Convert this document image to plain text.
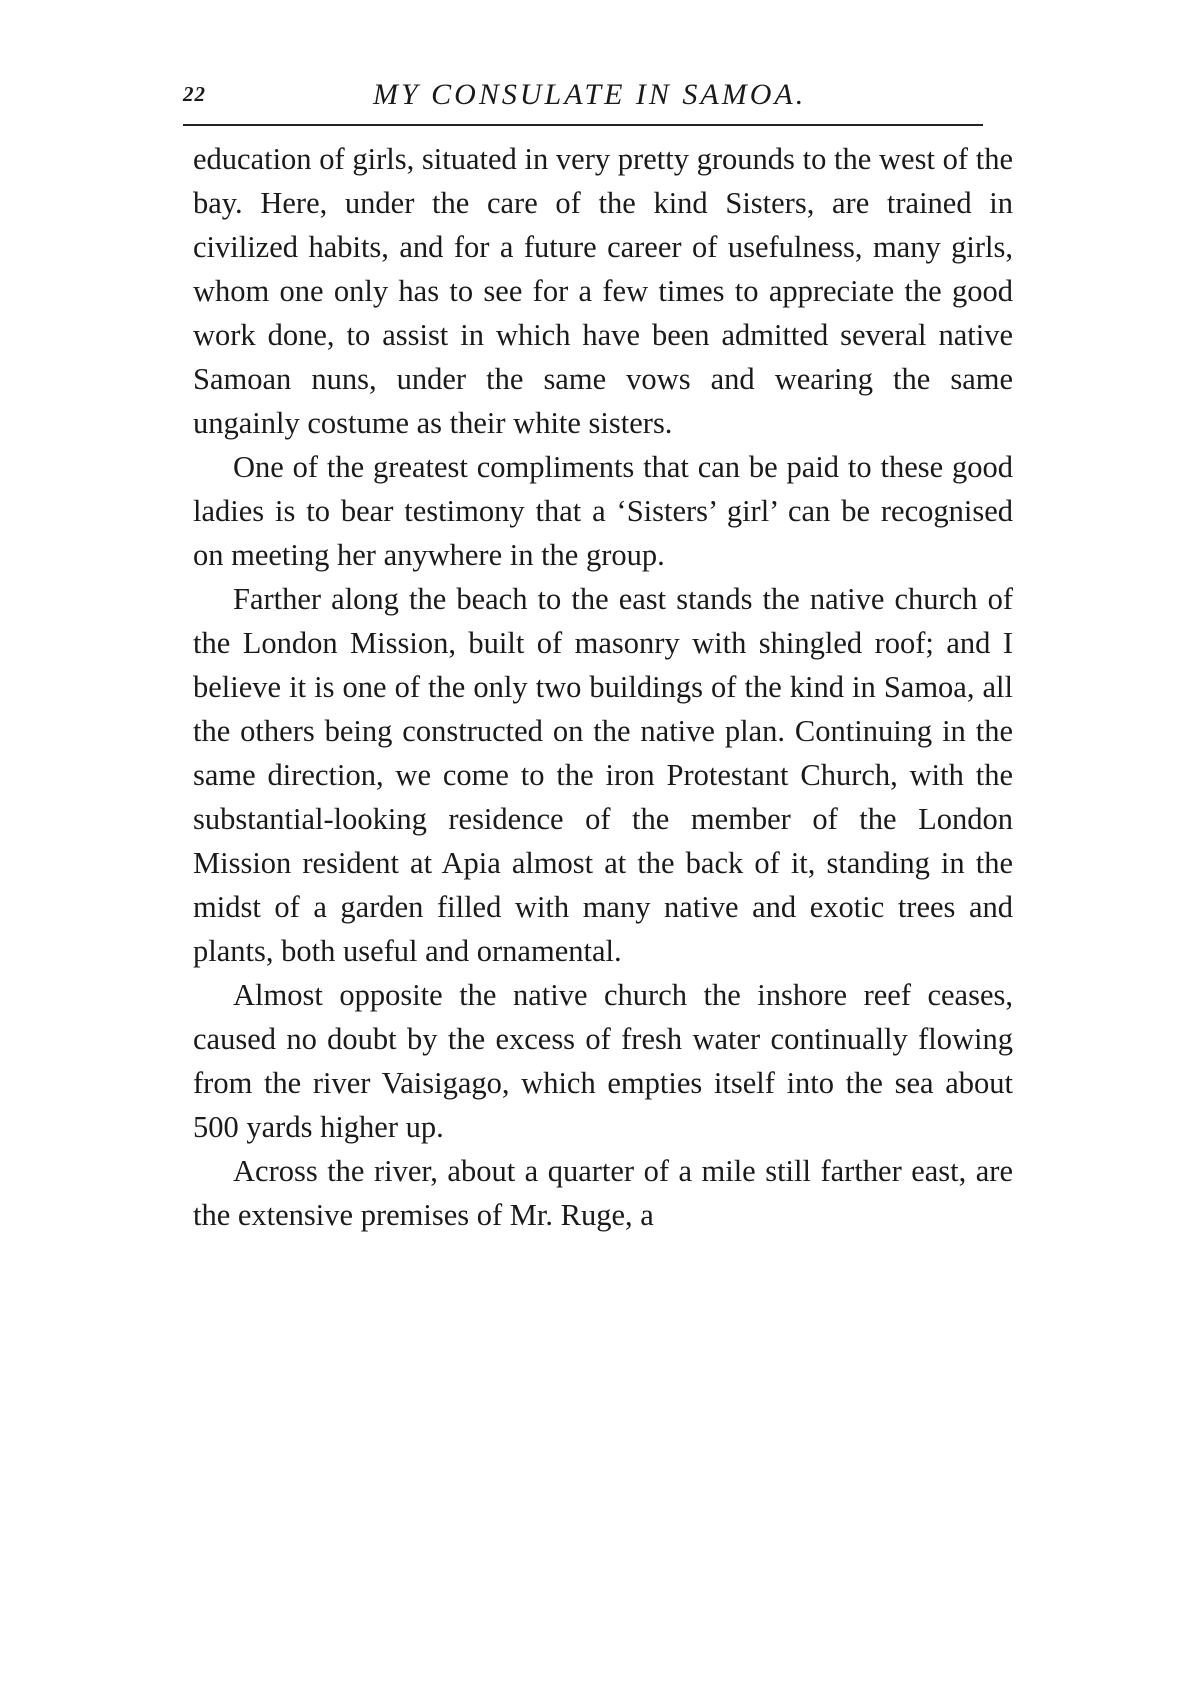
22	MY CONSULATE IN SAMOA.

education of girls, situated in very pretty grounds to the west of the bay. Here, under the care of the kind Sisters, are trained in civilized habits, and for a future career of usefulness, many girls, whom one only has to see for a few times to appreciate the good work done, to assist in which have been admitted several native Samoan nuns, under the same vows and wearing the same ungainly costume as their white sisters.

One of the greatest compliments that can be paid to these good ladies is to bear testimony that a ‘Sisters’ girl’ can be recognised on meeting her anywhere in the group.

Farther along the beach to the east stands the native church of the London Mission, built of masonry with shingled roof; and I believe it is one of the only two buildings of the kind in Samoa, all the others being constructed on the native plan. Continuing in the same direction, we come to the iron Protestant Church, with the substantial-looking residence of the member of the London Mission resident at Apia almost at the back of it, standing in the midst of a garden filled with many native and exotic trees and plants, both useful and ornamental.

Almost opposite the native church the inshore reef ceases, caused no doubt by the excess of fresh water continually flowing from the river Vaisigago, which empties itself into the sea about 500 yards higher up.

Across the river, about a quarter of a mile still farther east, are the extensive premises of Mr. Ruge, a
